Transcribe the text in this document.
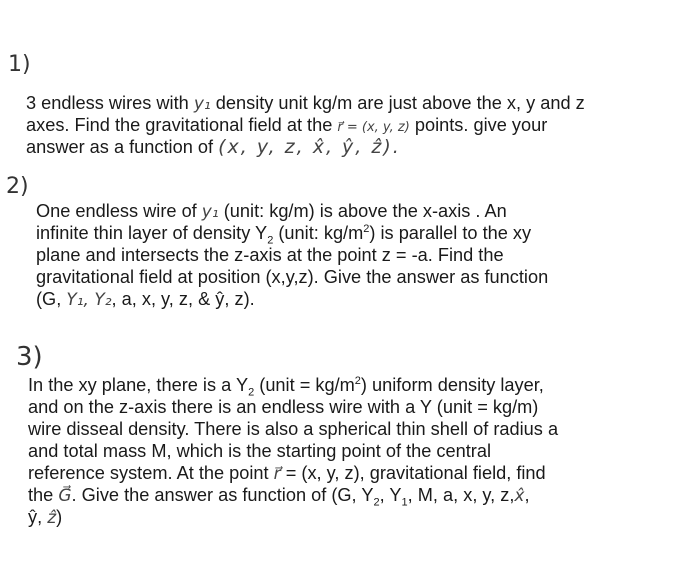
1)
3 endless wires with y₁ density unit kg/m are just above the x, y and z
axes. Find the gravitational field at the r⃗ = (x, y, z) points. give your
answer as a function of (x, y, z, x̂, ŷ, ẑ).
2)
One endless wire of y₁ (unit: kg/m) is above the x-axis . An
infinite thin layer of density $Y_2$ (unit: $kg/m^2$) is parallel to the xy
plane and intersects the z-axis at the point z = -a. Find the
gravitational field at position (x,y,z). Give the answer as function
(G, Y₁, Y₂, a, x, y, z, & ŷ, z).
3)
In the xy plane, there is a $Y_2$ (unit = $kg/m^2$) uniform density layer,
and on the z-axis there is an endless wire with a Y (unit = kg/m)
wire disseal density. There is also a spherical thin shell of radius a
and total mass M, which is the starting point of the central
reference system. At the point r⃗ = (x, y, z), gravitational field, find
the G⃗. Give the answer as function of (G, $Y_2$, $Y_1$, M, a, x, y, z,x̂,
ŷ, ẑ)
